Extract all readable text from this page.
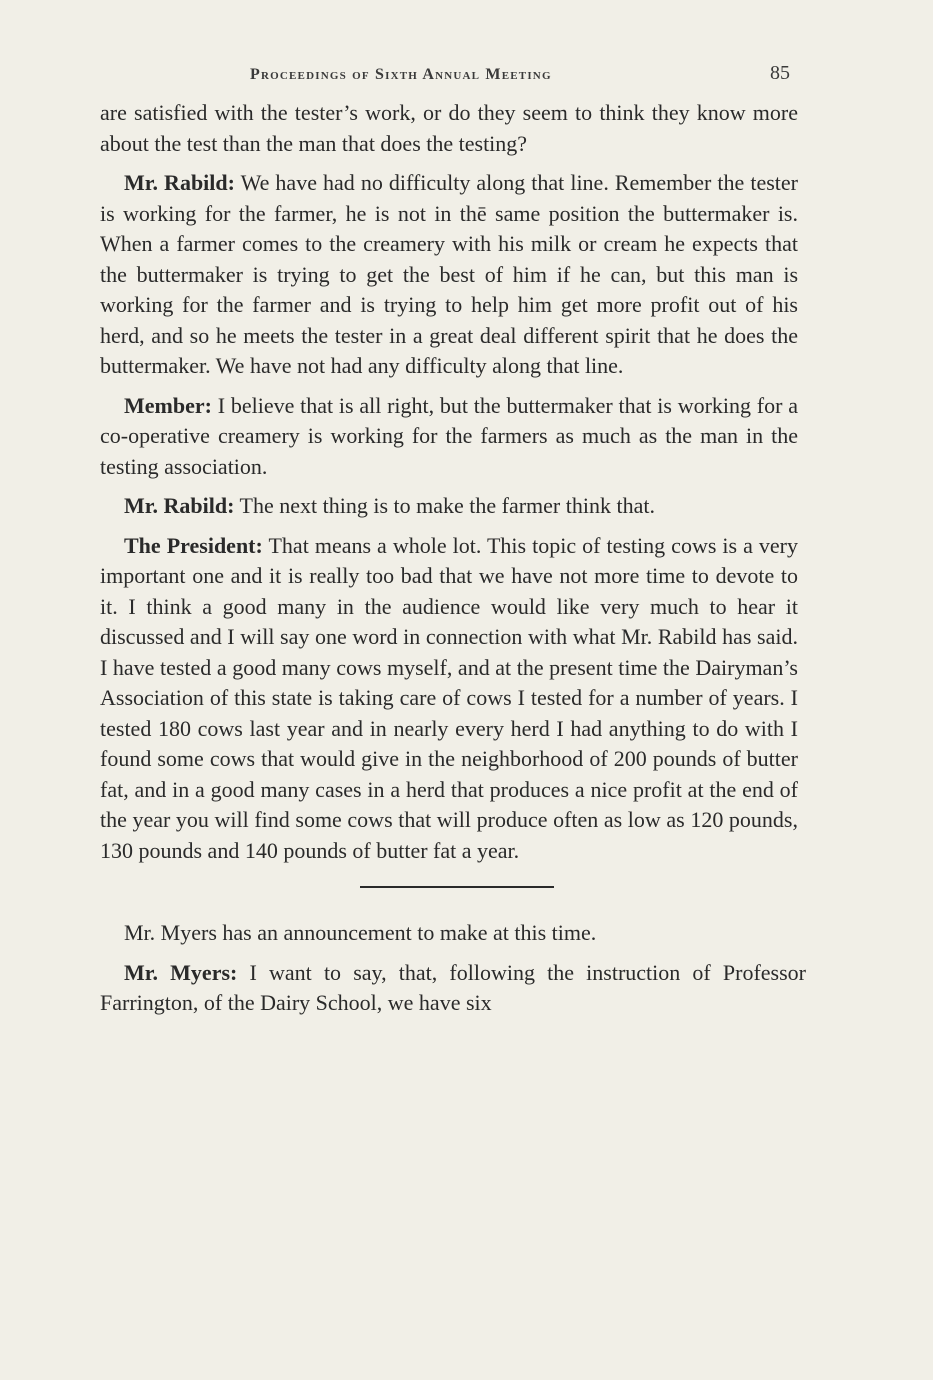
Proceedings of Sixth Annual Meeting	85

are satisfied with the tester’s work, or do they seem to think they know more about the test than the man that does the testing?

Mr. Rabild: We have had no difficulty along that line. Remember the tester is working for the farmer, he is not in thē same position the buttermaker is. When a farmer comes to the creamery with his milk or cream he expects that the buttermaker is trying to get the best of him if he can, but this man is working for the farmer and is trying to help him get more profit out of his herd, and so he meets the tester in a great deal different spirit that he does the buttermaker. We have not had any difficulty along that line.

Member: I believe that is all right, but the buttermaker that is working for a co-operative creamery is working for the farmers as much as the man in the testing association.

Mr. Rabild: The next thing is to make the farmer think that.

The President: That means a whole lot. This topic of testing cows is a very important one and it is really too bad that we have not more time to devote to it. I think a good many in the audience would like very much to hear it discussed and I will say one word in connection with what Mr. Rabild has said. I have tested a good many cows myself, and at the present time the Dairyman’s Association of this state is taking care of cows I tested for a number of years. I tested 180 cows last year and in nearly every herd I had anything to do with I found some cows that would give in the neighborhood of 200 pounds of butter fat, and in a good many cases in a herd that produces a nice profit at the end of the year you will find some cows that will produce often as low as 120 pounds, 130 pounds and 140 pounds of butter fat a year.

Mr. Myers has an announcement to make at this time.

Mr. Myers: I want to say, that, following the instruction of Professor Farrington, of the Dairy School, we have six
